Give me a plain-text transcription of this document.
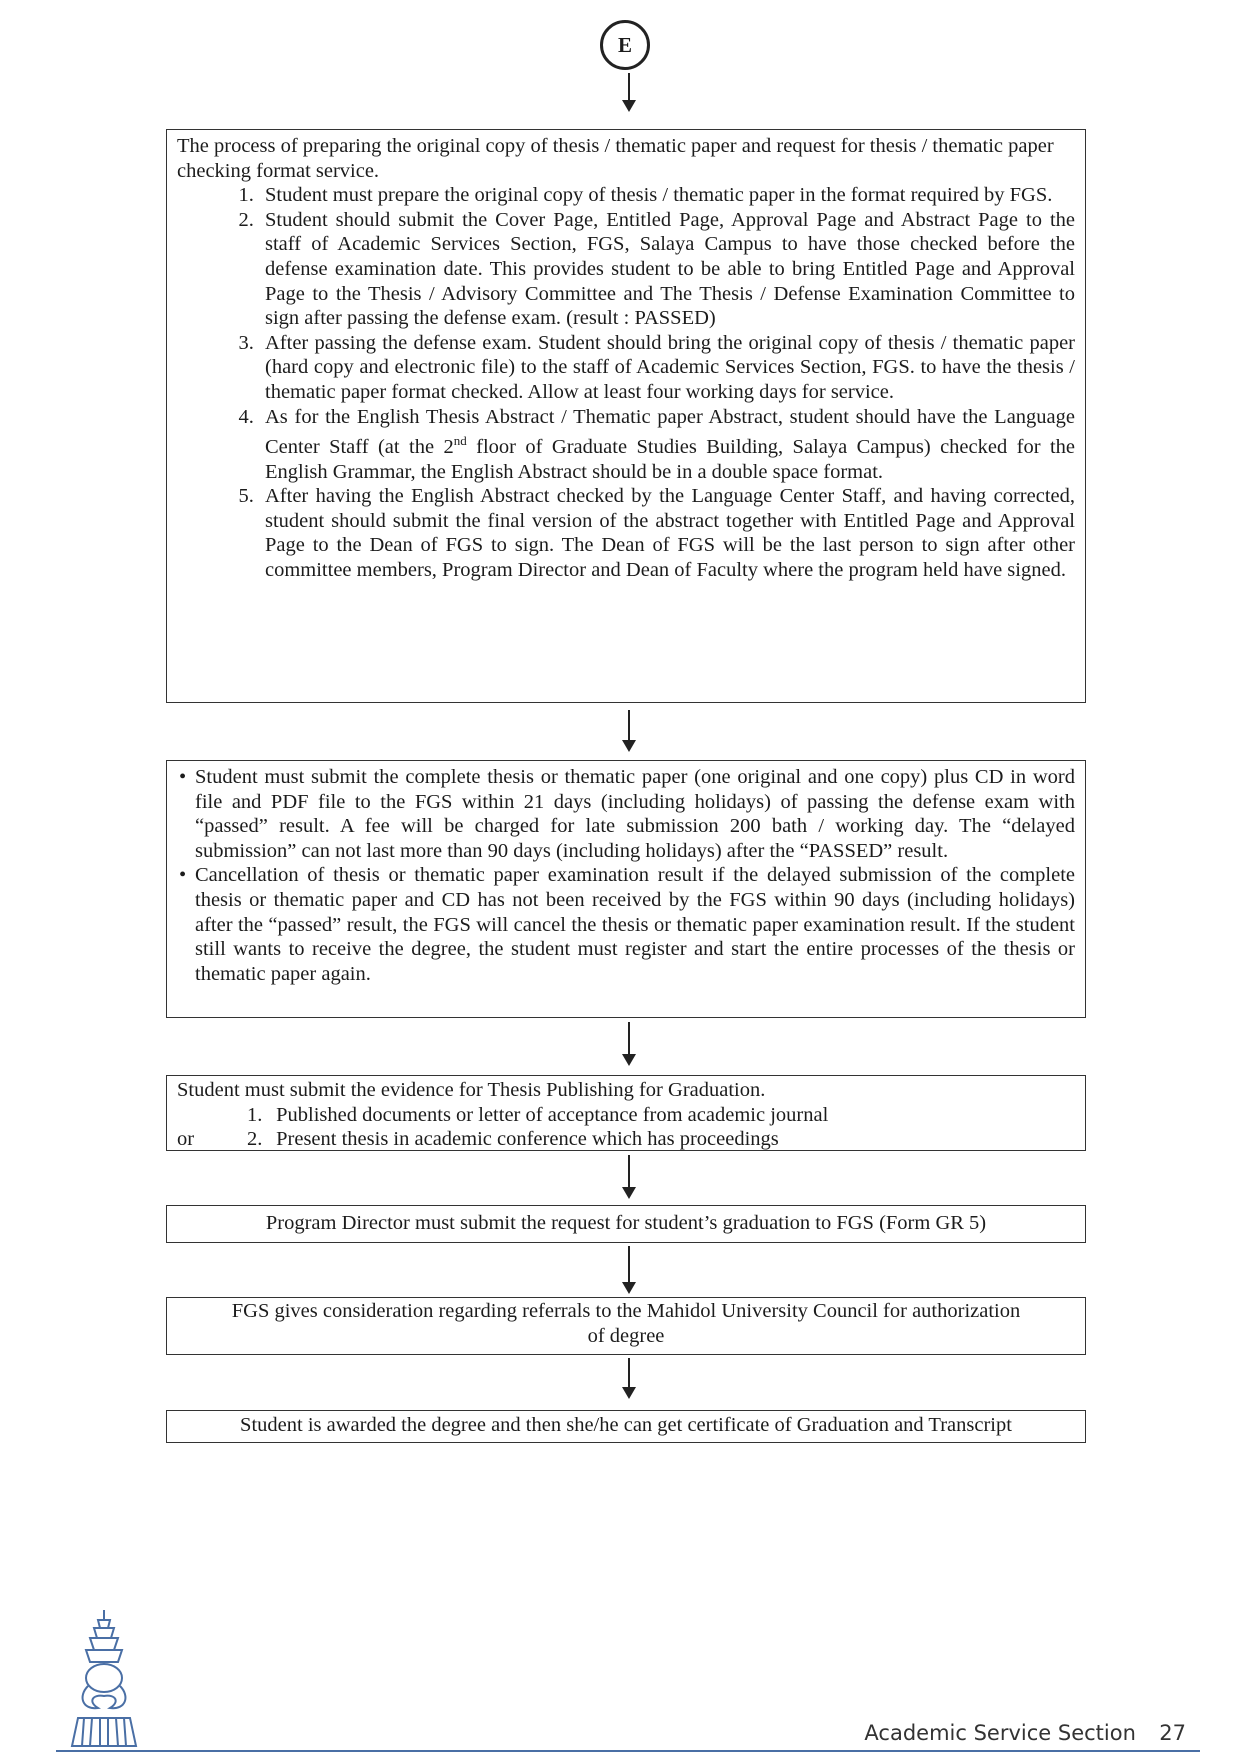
E

The process of preparing the original copy of thesis / thematic paper and request for thesis / thematic paper checking format service.

1. Student must prepare the original copy of thesis / thematic paper in the format required by FGS.
2. Student should submit the Cover Page, Entitled Page, Approval Page and Abstract Page to the staff of Academic Services Section, FGS, Salaya Campus to have those checked before the defense examination date. This provides student to be able to bring Entitled Page and Approval Page to the Thesis / Advisory Committee and The Thesis / Defense Examination Committee to sign after passing the defense exam. (result : PASSED)
3. After passing the defense exam. Student should bring the original copy of thesis / thematic paper (hard copy and electronic file) to the staff of Academic Services Section, FGS. to have the thesis / thematic paper format checked. Allow at least four working days for service.
4. As for the English Thesis Abstract / Thematic paper Abstract, student should have the Language Center Staff (at the 2nd floor of Graduate Studies Building, Salaya Campus) checked for the English Grammar, the English Abstract should be in a double space format.
5. After having the English Abstract checked by the Language Center Staff, and having corrected, student should submit the final version of the abstract together with Entitled Page and Approval Page to the Dean of FGS to sign. The Dean of FGS will be the last person to sign after other committee members, Program Director and Dean of Faculty where the program held have signed.
• Student must submit the complete thesis or thematic paper (one original and one copy) plus CD in word file and PDF file to the FGS within 21 days (including holidays) of passing the defense exam with “passed” result. A fee will be charged for late submission 200 bath / working day. The “delayed submission” can not last more than 90 days (including holidays) after the “PASSED” result.
• Cancellation of thesis or thematic paper examination result if the delayed submission of the complete thesis or thematic paper and CD has not been received by the FGS within 90 days (including holidays) after the “passed” result, the FGS will cancel the thesis or thematic paper examination result. If the student still wants to receive the degree, the student must register and start the entire processes of the thesis or thematic paper again.

Student must submit the evidence for Thesis Publishing for Graduation.

1. Published documents or letter of acceptance from academic journal
or	2. Present thesis in academic conference which has proceedings
Program Director must submit the request for student’s graduation to FGS (Form GR 5)
FGS gives consideration regarding referrals to the Mahidol University Council for authorization of degree
Student is awarded the degree and then she/he can get certificate of Graduation and Transcript
Academic Service Section 27
